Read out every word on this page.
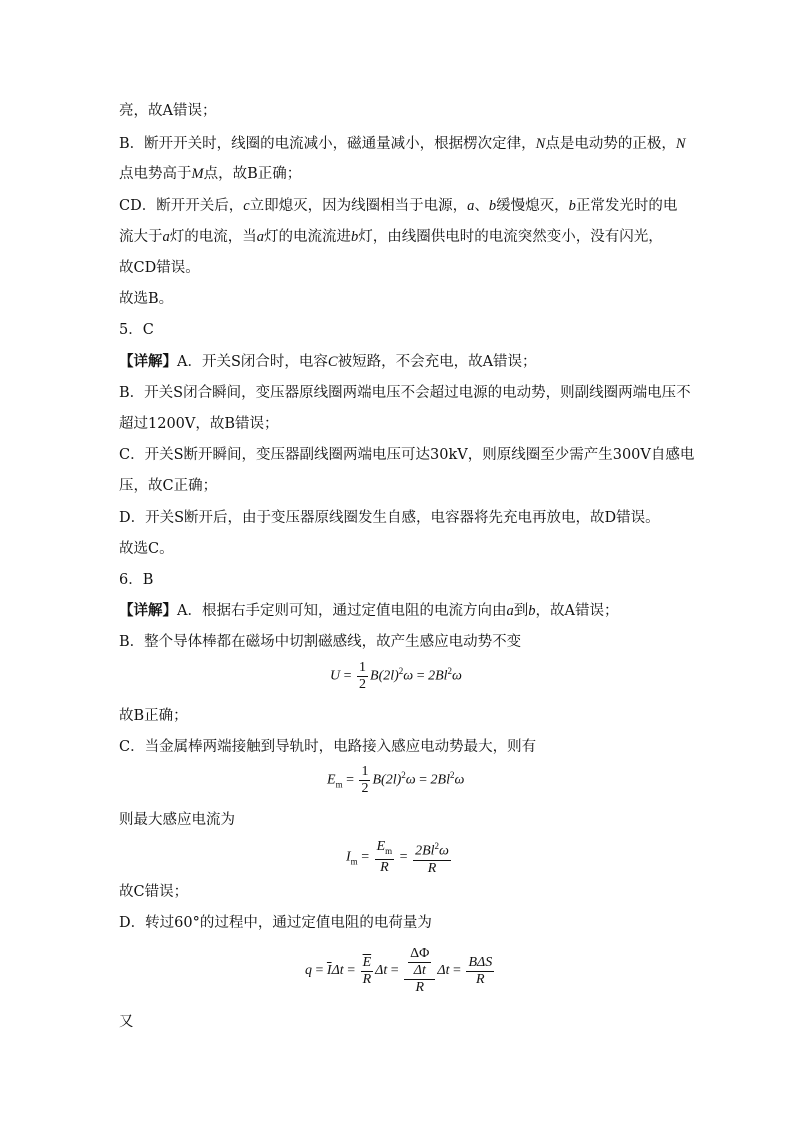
亮，故A错误；
B．断开开关时，线圈的电流减小，磁通量减小，根据楞次定律，N点是电动势的正极，N
点电势高于M点，故B正确；
CD．断开开关后，c立即熄灭，因为线圈相当于电源，a、b缓慢熄灭，b正常发光时的电
流大于a灯的电流，当a灯的电流流进b灯，由线圈供电时的电流突然变小，没有闪光，
故CD错误。
故选B。
5．C
【详解】A．开关S闭合时，电容C被短路，不会充电，故A错误；
B．开关S闭合瞬间，变压器原线圈两端电压不会超过电源的电动势，则副线圈两端电压不
超过1200V，故B错误；
C．开关S断开瞬间，变压器副线圈两端电压可达30kV，则原线圈至少需产生300V自感电
压，故C正确；
D．开关S断开后，由于变压器原线圈发生自感，电容器将先充电再放电，故D错误。
故选C。
6．B
【详解】A．根据右手定则可知，通过定值电阻的电流方向由a到b，故A错误；
B．整个导体棒都在磁场中切割磁感线，故产生感应电动势不变
$U = \frac{1}{2} B(2l)^2\omega = 2Bl^2\omega$
故B正确；
C．当金属棒两端接触到导轨时，电路接入感应电动势最大，则有
$E_m = \frac{1}{2} B(2l)^2\omega = 2Bl^2\omega$
则最大感应电流为
$I_m = \frac{E_m}{R} = \frac{2Bl^2\omega}{R}$
故C错误；
D．转过60°的过程中，通过定值电阻的电荷量为
$q = \overline{I}\Delta t = \frac{\overline{E}}{R}$ $\Delta t = \frac{\frac{\Delta\Phi}{\Delta t}}{R}$ $\Delta t = \frac{\text{BΔS}}{R}$
又
